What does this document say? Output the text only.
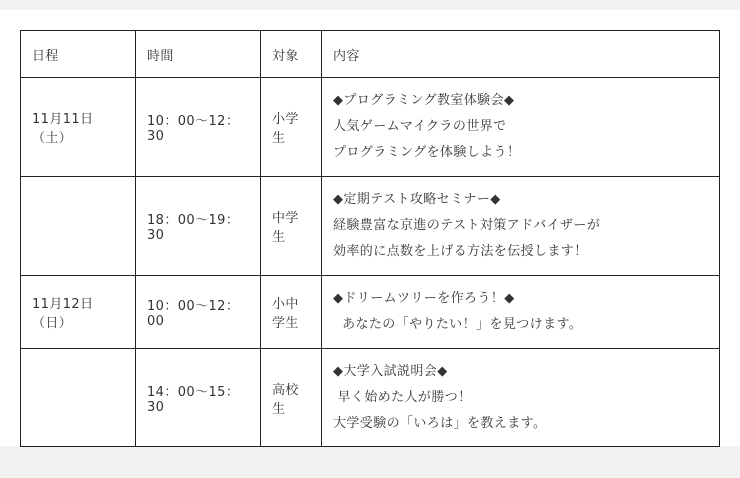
日程	時間	対象	内容
11月11日（土）	10：00〜12：30	小学生	◆プログラミング教室体験会◆
人気ゲームマイクラの世界で
プログラミングを体験しよう！

	18：00〜19：30	中学生	◆定期テスト攻略セミナー◆
経験豊富な京進のテスト対策アドバイザーが
効率的に点数を上げる方法を伝授します！

11月12日（日）	10：00〜12：00	小中学生	◆ドリームツリーを作ろう！◆
あなたの「やりたい！」を見つけます。

	14：00〜15：30	高校生	◆大学入試説明会◆
早く始めた人が勝つ！
大学受験の「いろは」を教えます。
